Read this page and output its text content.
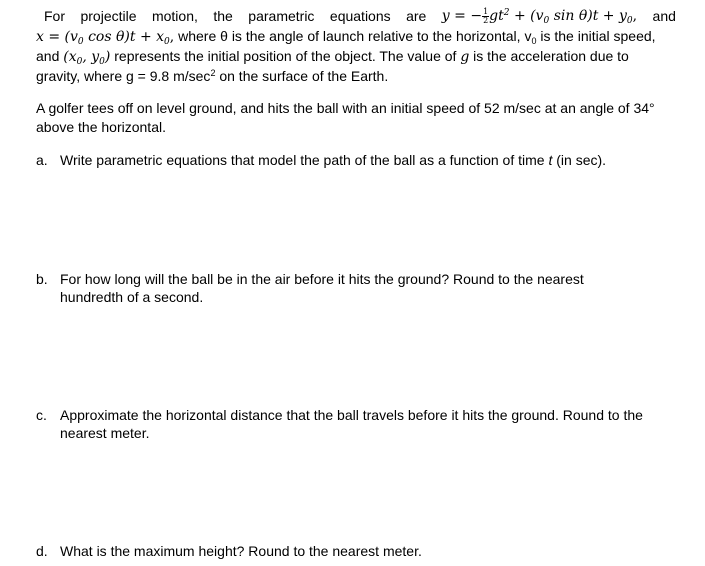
For projectile motion, the parametric equations are y = − $\frac{1}{2} gt^2 + (v_0$ $\sin \theta)t + y_0$, and
$x = (v_0$ $\cos \theta)t + x_0$, where θ is the angle of launch relative to the horizontal, $v_0$ is the initial speed,
and ($x_0$, $y_0$) represents the initial position of the object. The value of g is the acceleration due to
gravity, where g = 9.8 $m/\sec^2$ on the surface of the Earth.

A golfer tees off on level ground, and hits the ball with an initial speed of 52 m/sec at an angle of 34° above the horizontal.

a. Write parametric equations that model the path of the ball as a function of time t (in sec).
b. For how long will the ball be in the air before it hits the ground? Round to the nearest hundredth of a second.
c. Approximate the horizontal distance that the ball travels before it hits the ground. Round to the nearest meter.
d. What is the maximum height? Round to the nearest meter.
